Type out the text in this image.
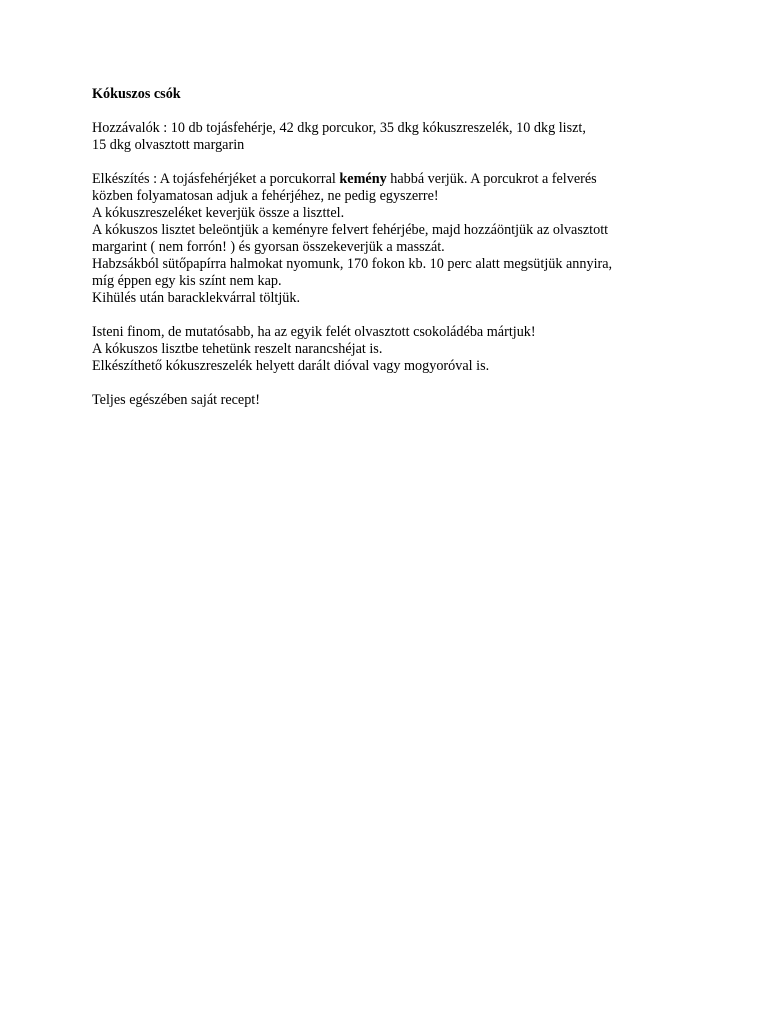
Kókuszos csók
Hozzávalók : 10 db tojásfehérje, 42 dkg porcukor, 35 dkg kókuszreszelék, 10 dkg liszt,
15 dkg olvasztott margarin
Elkészítés : A tojásfehérjéket a porcukorral kemény habbá verjük. A porcukrot a felverés
közben folyamatosan adjuk a fehérjéhez, ne pedig egyszerre!
A kókuszreszeléket keverjük össze a liszttel.
A kókuszos lisztet beleöntjük a keményre felvert fehérjébe, majd hozzáöntjük az olvasztott
margarint ( nem forrón! ) és gyorsan összekeverjük a masszát.
Habzsákból sütőpapírra halmokat nyomunk, 170 fokon kb. 10 perc alatt megsütjük annyira,
míg éppen egy kis színt nem kap.
Kihülés után baracklekvárral töltjük.
Isteni finom, de mutatósabb, ha az egyik felét olvasztott csokoládéba mártjuk!
A kókuszos lisztbe tehetünk reszelt narancshéjat is.
Elkészíthető kókuszreszelék helyett darált dióval vagy mogyoróval is.
Teljes egészében saját recept!
